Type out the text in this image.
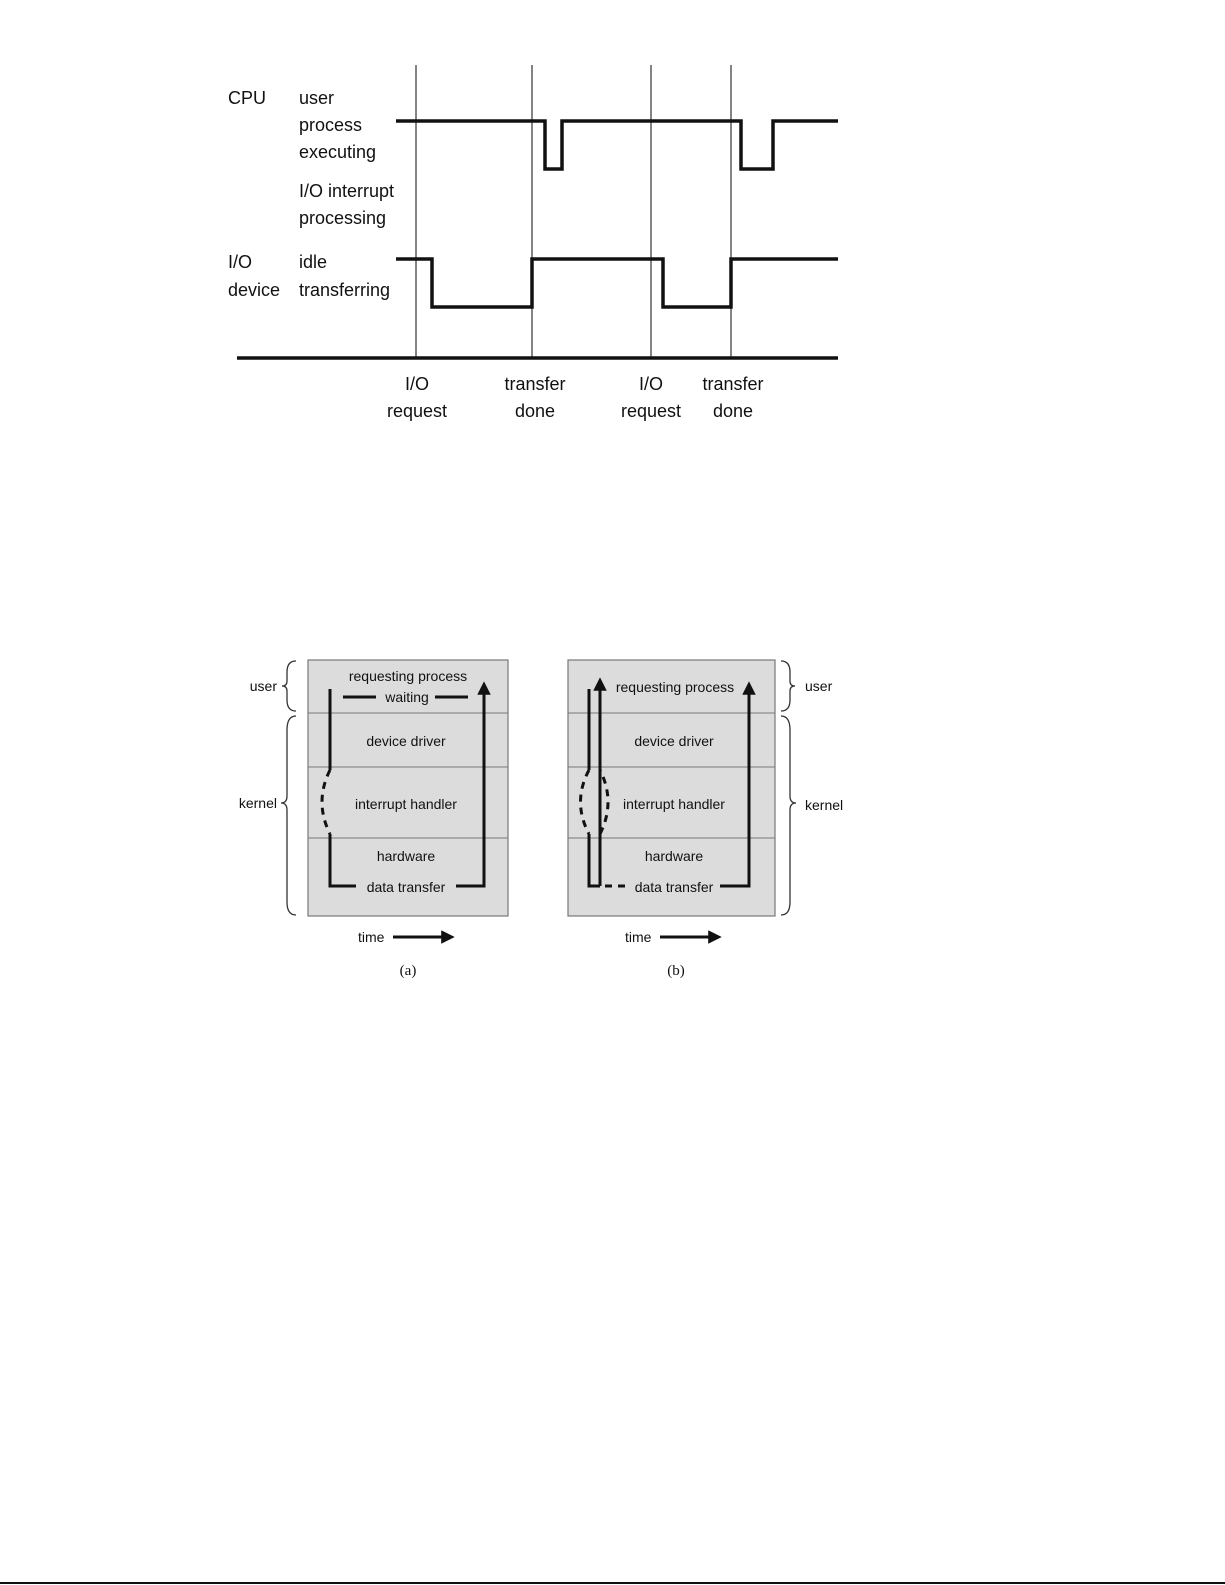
CPU user
process
executing
I/O interrupt
processing
I/O
device
idle
transferring
I/O
request
transfer
done
I/O
request
transfer
done
requesting process
waiting
device driver
interrupt handler
hardware
data transfer
user
kernel
time
(a)
requesting process
device driver
interrupt handler
hardware
data transfer
user
kernel
time
(b)
